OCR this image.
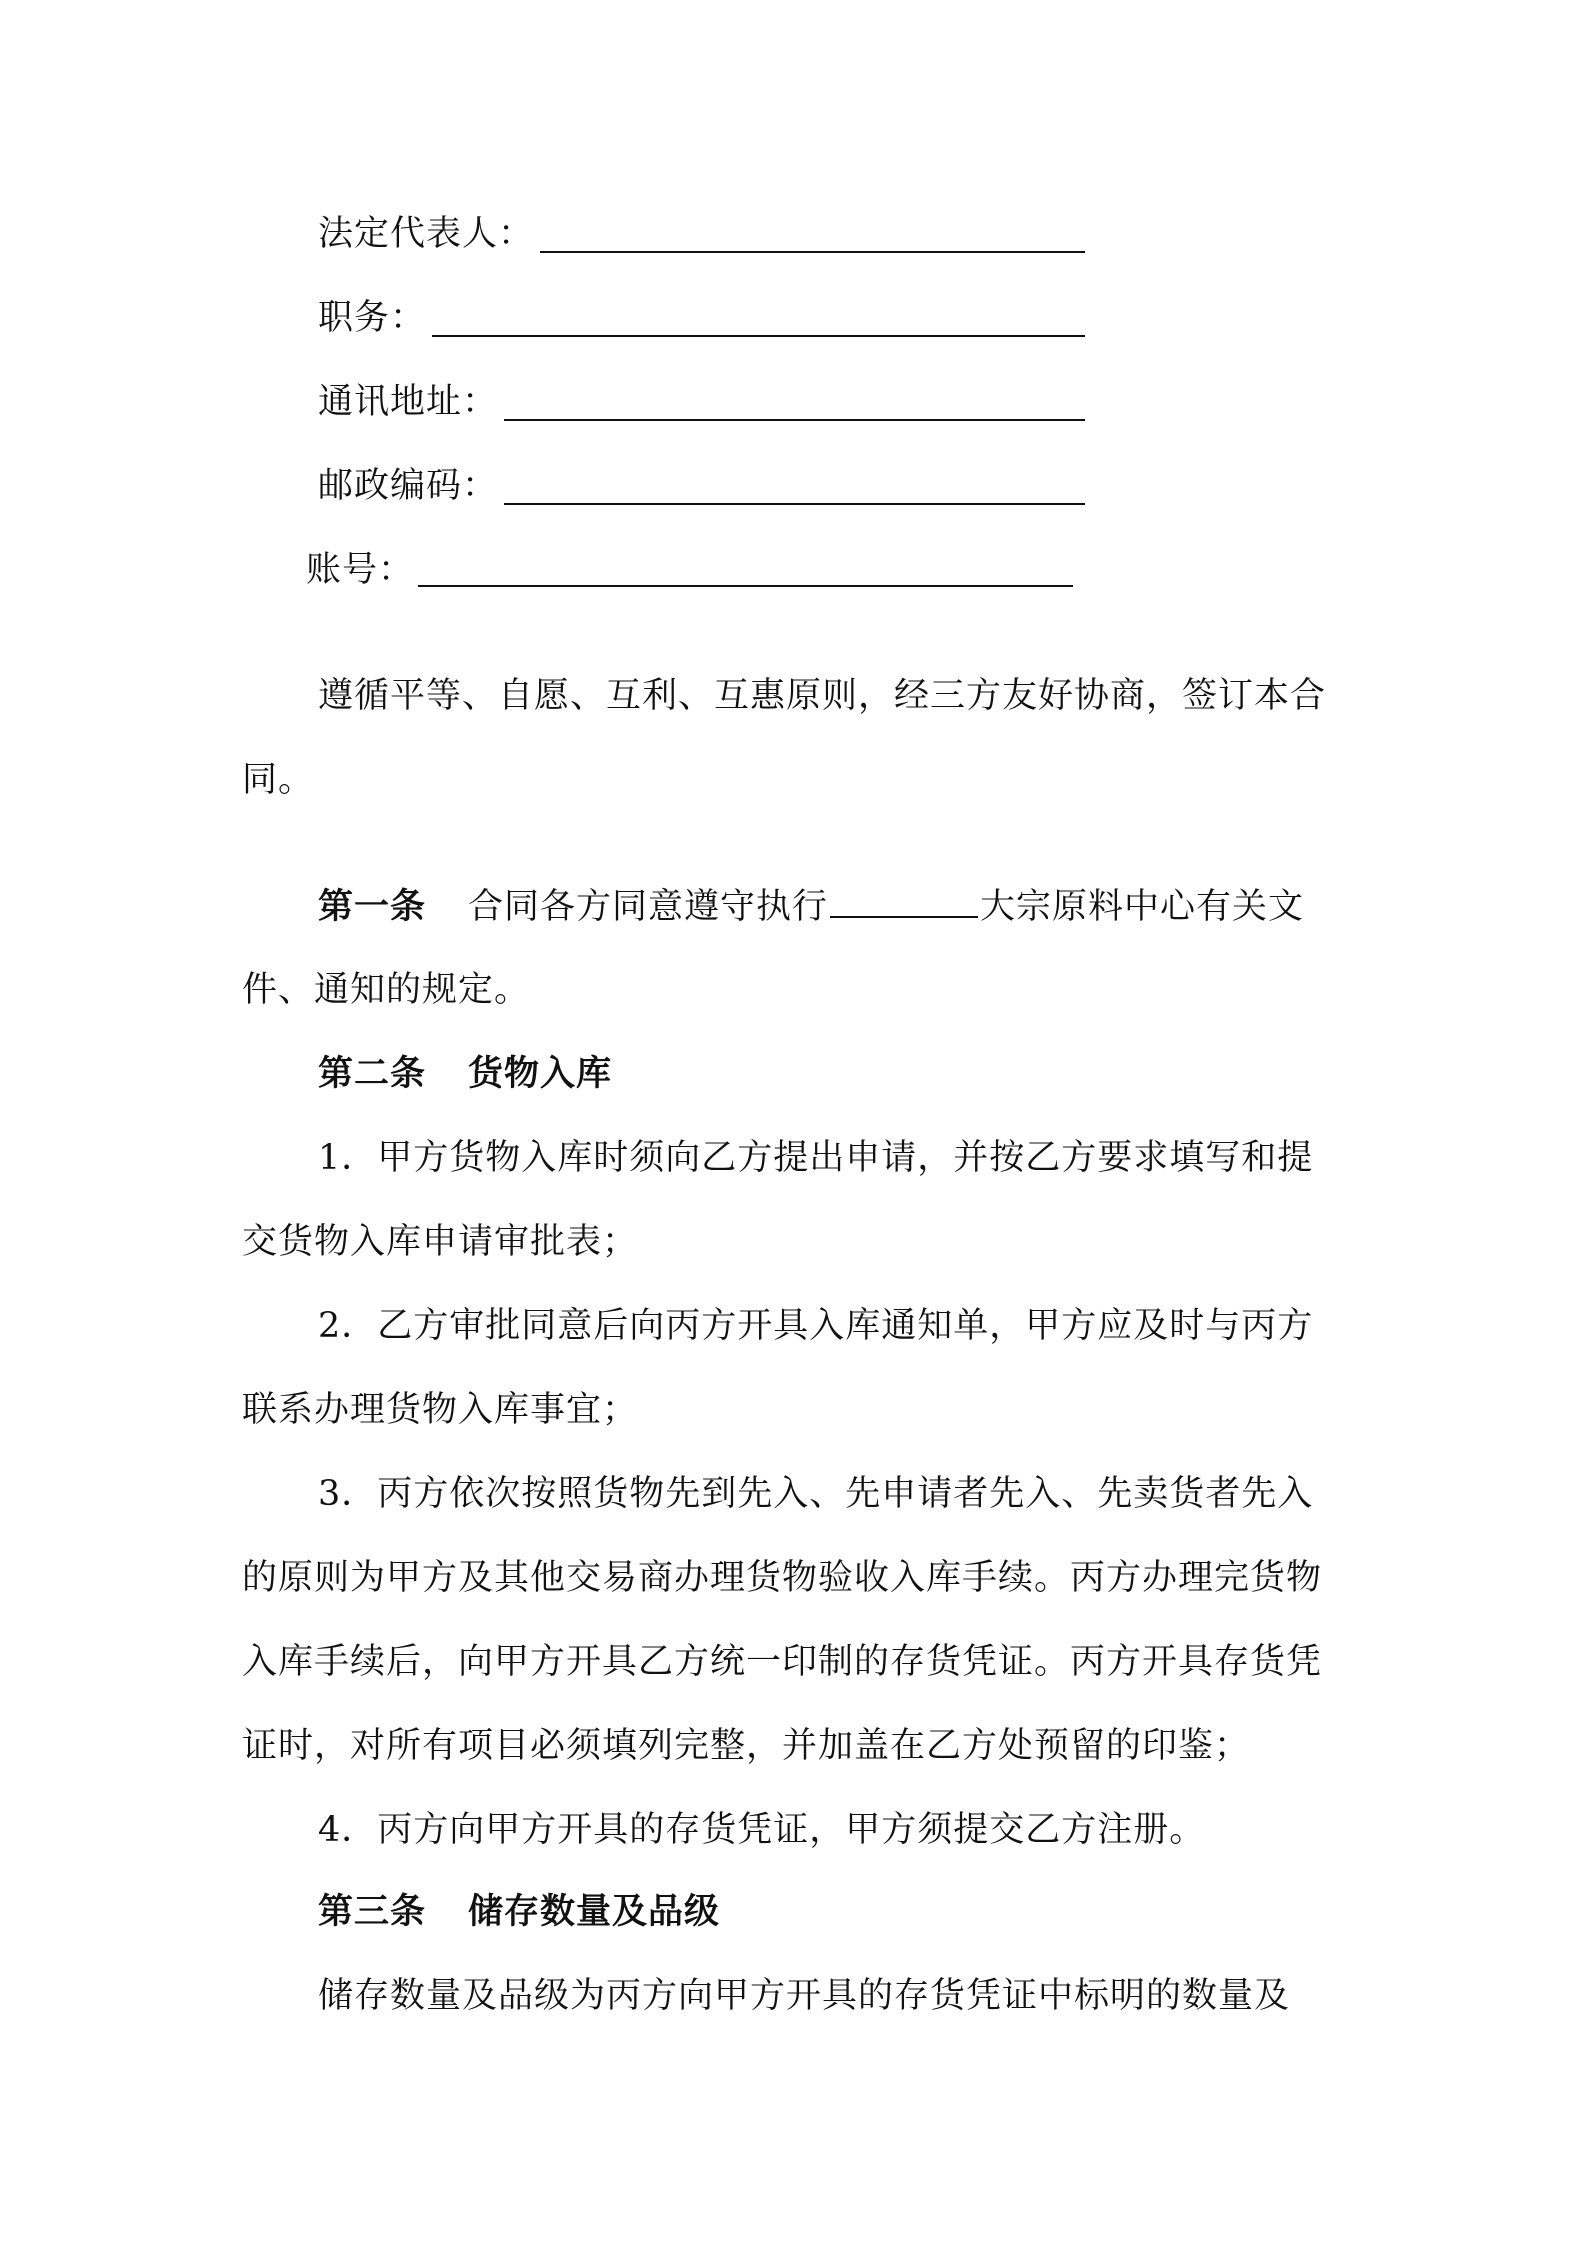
法定代表人：
职务：
通讯地址：
邮政编码：
账号：
遵循平等、自愿、互利、互惠原则，经三方友好协商，签订本合
同。
第一条 合同各方同意遵守执行	大宗原料中心有关文
件、通知的规定。
第二条 货物入库
1．甲方货物入库时须向乙方提出申请，并按乙方要求填写和提
交货物入库申请审批表；
2．乙方审批同意后向丙方开具入库通知单，甲方应及时与丙方
联系办理货物入库事宜；
3．丙方依次按照货物先到先入、先申请者先入、先卖货者先入
的原则为甲方及其他交易商办理货物验收入库手续。丙方办理完货物
入库手续后，向甲方开具乙方统一印制的存货凭证。丙方开具存货凭
证时，对所有项目必须填列完整，并加盖在乙方处预留的印鉴；
4．丙方向甲方开具的存货凭证，甲方须提交乙方注册。
第三条 储存数量及品级
储存数量及品级为丙方向甲方开具的存货凭证中标明的数量及
